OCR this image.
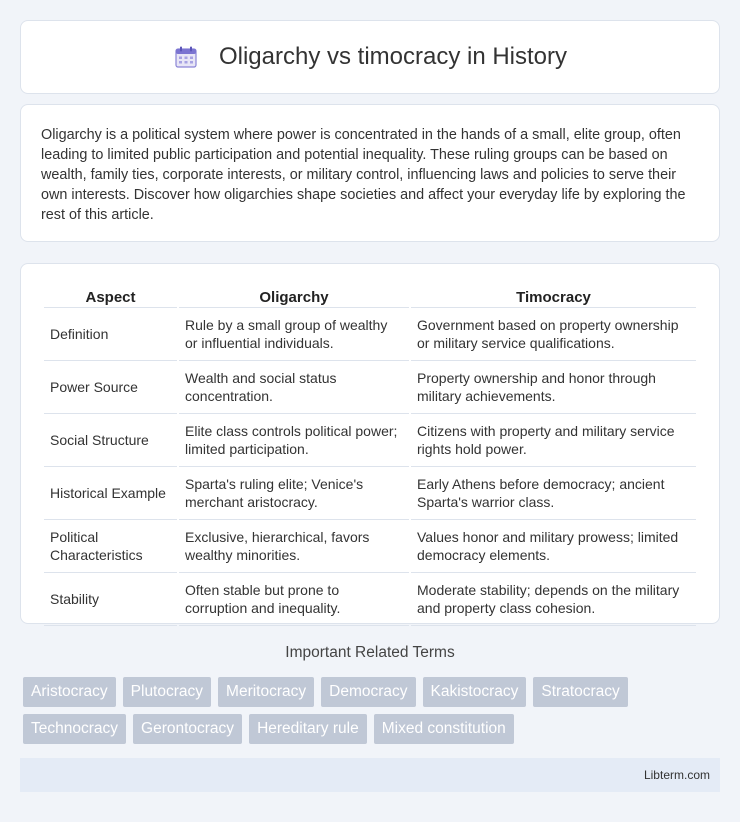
Oligarchy vs timocracy in History

Oligarchy is a political system where power is concentrated in the hands of a small, elite group, often leading to limited public participation and potential inequality. These ruling groups can be based on wealth, family ties, corporate interests, or military control, influencing laws and policies to serve their own interests. Discover how oligarchies shape societies and affect your everyday life by exploring the rest of this article.

Aspect	Oligarchy	Timocracy
Definition	Rule by a small group of wealthy or influential individuals.	Government based on property ownership or military service qualifications.
Power Source	Wealth and social status concentration.	Property ownership and honor through military achievements.
Social Structure	Elite class controls political power; limited participation.	Citizens with property and military service rights hold power.
Historical Example	Sparta's ruling elite; Venice's merchant aristocracy.	Early Athens before democracy; ancient Sparta's warrior class.
Political Characteristics	Exclusive, hierarchical, favors wealthy minorities.	Values honor and military prowess; limited democracy elements.
Stability	Often stable but prone to corruption and inequality.	Moderate stability; depends on the military and property class cohesion.
Important Related Terms
Aristocracy	Plutocracy	Meritocracy	Democracy	Kakistocracy	Stratocracy
Technocracy	Gerontocracy	Hereditary rule	Mixed constitution
Libterm.com
